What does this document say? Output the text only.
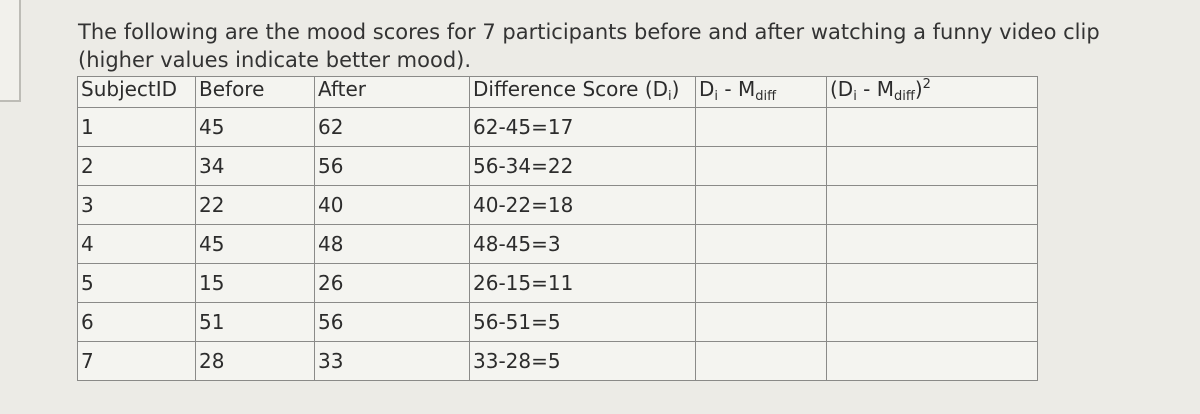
The following are the mood scores for 7 participants before and after watching a funny video clip (higher values indicate better mood).
SubjectID	Before	After	Difference Score $(D_i)$	$D_i - M_{diff}$	$(D_i - M_{diff})^2$
1	45	62	62-45=17		
2	34	56	56-34=22		
3	22	40	40-22=18		
4	45	48	48-45=3		
5	15	26	26-15=11		
6	51	56	56-51=5		
7	28	33	33-28=5		
